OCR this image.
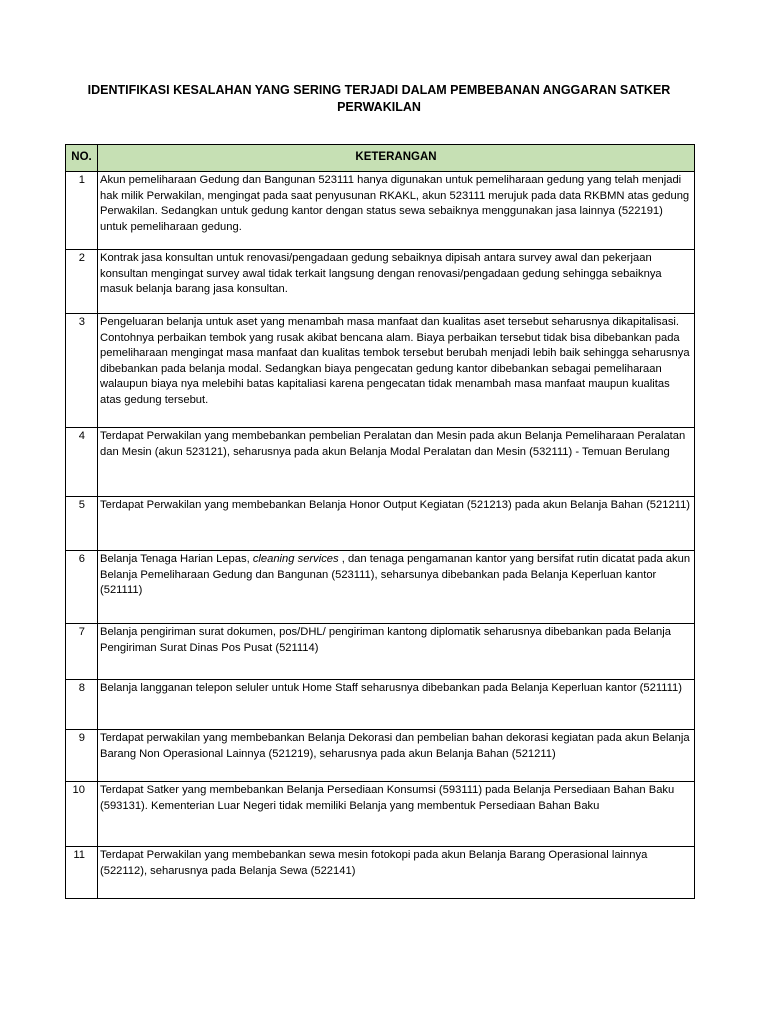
IDENTIFIKASI KESALAHAN YANG SERING TERJADI DALAM PEMBEBANAN ANGGARAN SATKER PERWAKILAN
NO.	KETERANGAN
1	Akun pemeliharaan Gedung dan Bangunan 523111 hanya digunakan untuk pemeliharaan gedung yang telah menjadi hak milik Perwakilan, mengingat pada saat penyusunan RKAKL, akun 523111 merujuk pada data RKBMN atas gedung Perwakilan. Sedangkan untuk gedung kantor dengan status sewa sebaiknya menggunakan jasa lainnya (522191) untuk pemeliharaan gedung.
2	Kontrak jasa konsultan untuk renovasi/pengadaan gedung sebaiknya dipisah antara survey awal dan pekerjaan konsultan mengingat survey awal tidak terkait langsung dengan renovasi/pengadaan gedung sehingga sebaiknya masuk belanja barang jasa konsultan.
3	Pengeluaran belanja untuk aset yang menambah masa manfaat dan kualitas aset tersebut seharusnya dikapitalisasi. Contohnya perbaikan tembok yang rusak akibat bencana alam. Biaya perbaikan tersebut tidak bisa dibebankan pada pemeliharaan mengingat masa manfaat dan kualitas tembok tersebut berubah menjadi lebih baik sehingga seharusnya dibebankan pada belanja modal. Sedangkan biaya pengecatan gedung kantor dibebankan sebagai pemeliharaan walaupun biaya nya melebihi batas kapitaliasi karena pengecatan tidak menambah masa manfaat maupun kualitas atas gedung tersebut.
4	Terdapat Perwakilan yang membebankan pembelian Peralatan dan Mesin pada akun Belanja Pemeliharaan Peralatan dan Mesin (akun 523121), seharusnya pada akun Belanja Modal Peralatan dan Mesin (532111) - Temuan Berulang
5	Terdapat Perwakilan yang membebankan Belanja Honor Output Kegiatan (521213) pada akun Belanja Bahan (521211)
6	Belanja Tenaga Harian Lepas, cleaning services , dan tenaga pengamanan kantor yang bersifat rutin dicatat pada akun Belanja Pemeliharaan Gedung dan Bangunan (523111), seharsunya dibebankan pada Belanja Keperluan kantor (521111)
7	Belanja pengiriman surat dokumen, pos/DHL/ pengiriman kantong diplomatik seharusnya dibebankan pada Belanja Pengiriman Surat Dinas Pos Pusat (521114)
8	Belanja langganan telepon seluler untuk Home Staff seharusnya dibebankan pada Belanja Keperluan kantor (521111)
9	Terdapat perwakilan yang membebankan Belanja Dekorasi dan pembelian bahan dekorasi kegiatan pada akun Belanja Barang Non Operasional Lainnya (521219), seharusnya pada akun Belanja Bahan (521211)
10	Terdapat Satker yang membebankan Belanja Persediaan Konsumsi (593111) pada Belanja Persediaan Bahan Baku (593131). Kementerian Luar Negeri tidak memiliki Belanja yang membentuk Persediaan Bahan Baku
11	Terdapat Perwakilan yang membebankan sewa mesin fotokopi pada akun Belanja Barang Operasional lainnya (522112), seharusnya pada Belanja Sewa (522141)
